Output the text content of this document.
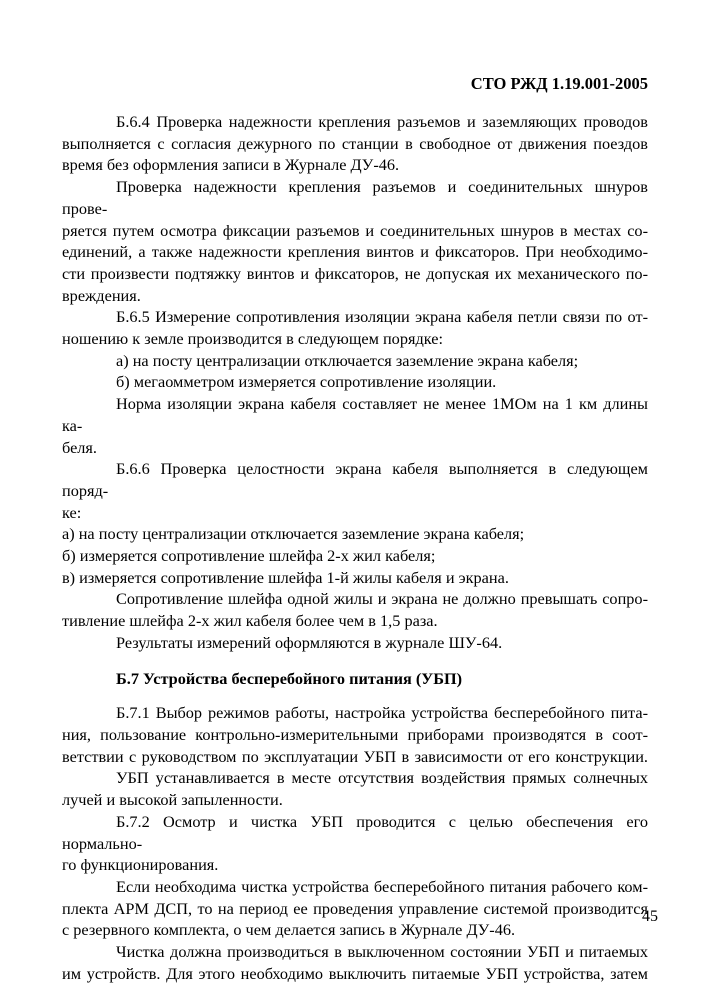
СТО РЖД 1.19.001-2005
Б.6.4 Проверка надежности крепления разъемов и заземляющих проводов
выполняется с согласия дежурного по станции в свободное от движения поездов
время без оформления записи в Журнале ДУ-46.
Проверка надежности крепления разъемов и соединительных шнуров прове-
ряется путем осмотра фиксации разъемов и соединительных шнуров в местах со-
единений, а также надежности крепления винтов и фиксаторов. При необходимо-
сти произвести подтяжку винтов и фиксаторов, не допуская их механического по-
вреждения.
Б.6.5 Измерение сопротивления изоляции экрана кабеля петли связи по от-
ношению к земле производится в следующем порядке:
а) на посту централизации отключается заземление экрана кабеля;
б) мегаомметром измеряется сопротивление изоляции.
Норма изоляции экрана кабеля составляет не менее 1МОм на 1 км длины ка-
беля.
Б.6.6 Проверка целостности экрана кабеля выполняется в следующем поряд-
ке:
а) на посту централизации отключается заземление экрана кабеля;
б) измеряется сопротивление шлейфа 2-х жил кабеля;
в) измеряется сопротивление шлейфа 1-й жилы кабеля и экрана.
Сопротивление шлейфа одной жилы и экрана не должно превышать сопро-
тивление шлейфа 2-х жил кабеля более чем в 1,5 раза.
Результаты измерений оформляются в журнале ШУ-64.
Б.7 Устройства бесперебойного питания (УБП)
Б.7.1 Выбор режимов работы, настройка устройства бесперебойного пита-
ния, пользование контрольно-измерительными приборами производятся в соот-
ветствии с руководством по эксплуатации УБП в зависимости от его конструкции.
УБП устанавливается в месте отсутствия воздействия прямых солнечных
лучей и высокой запыленности.
Б.7.2 Осмотр и чистка УБП проводится с целью обеспечения его нормально-
го функционирования.
Если необходима чистка устройства бесперебойного питания рабочего ком-
плекта АРМ ДСП, то на период ее проведения управление системой производится
с резервного комплекта, о чем делается запись в Журнале ДУ-46.
Чистка должна производиться в выключенном состоянии УБП и питаемых
им устройств. Для этого необходимо выключить питаемые УБП устройства, затем
45
